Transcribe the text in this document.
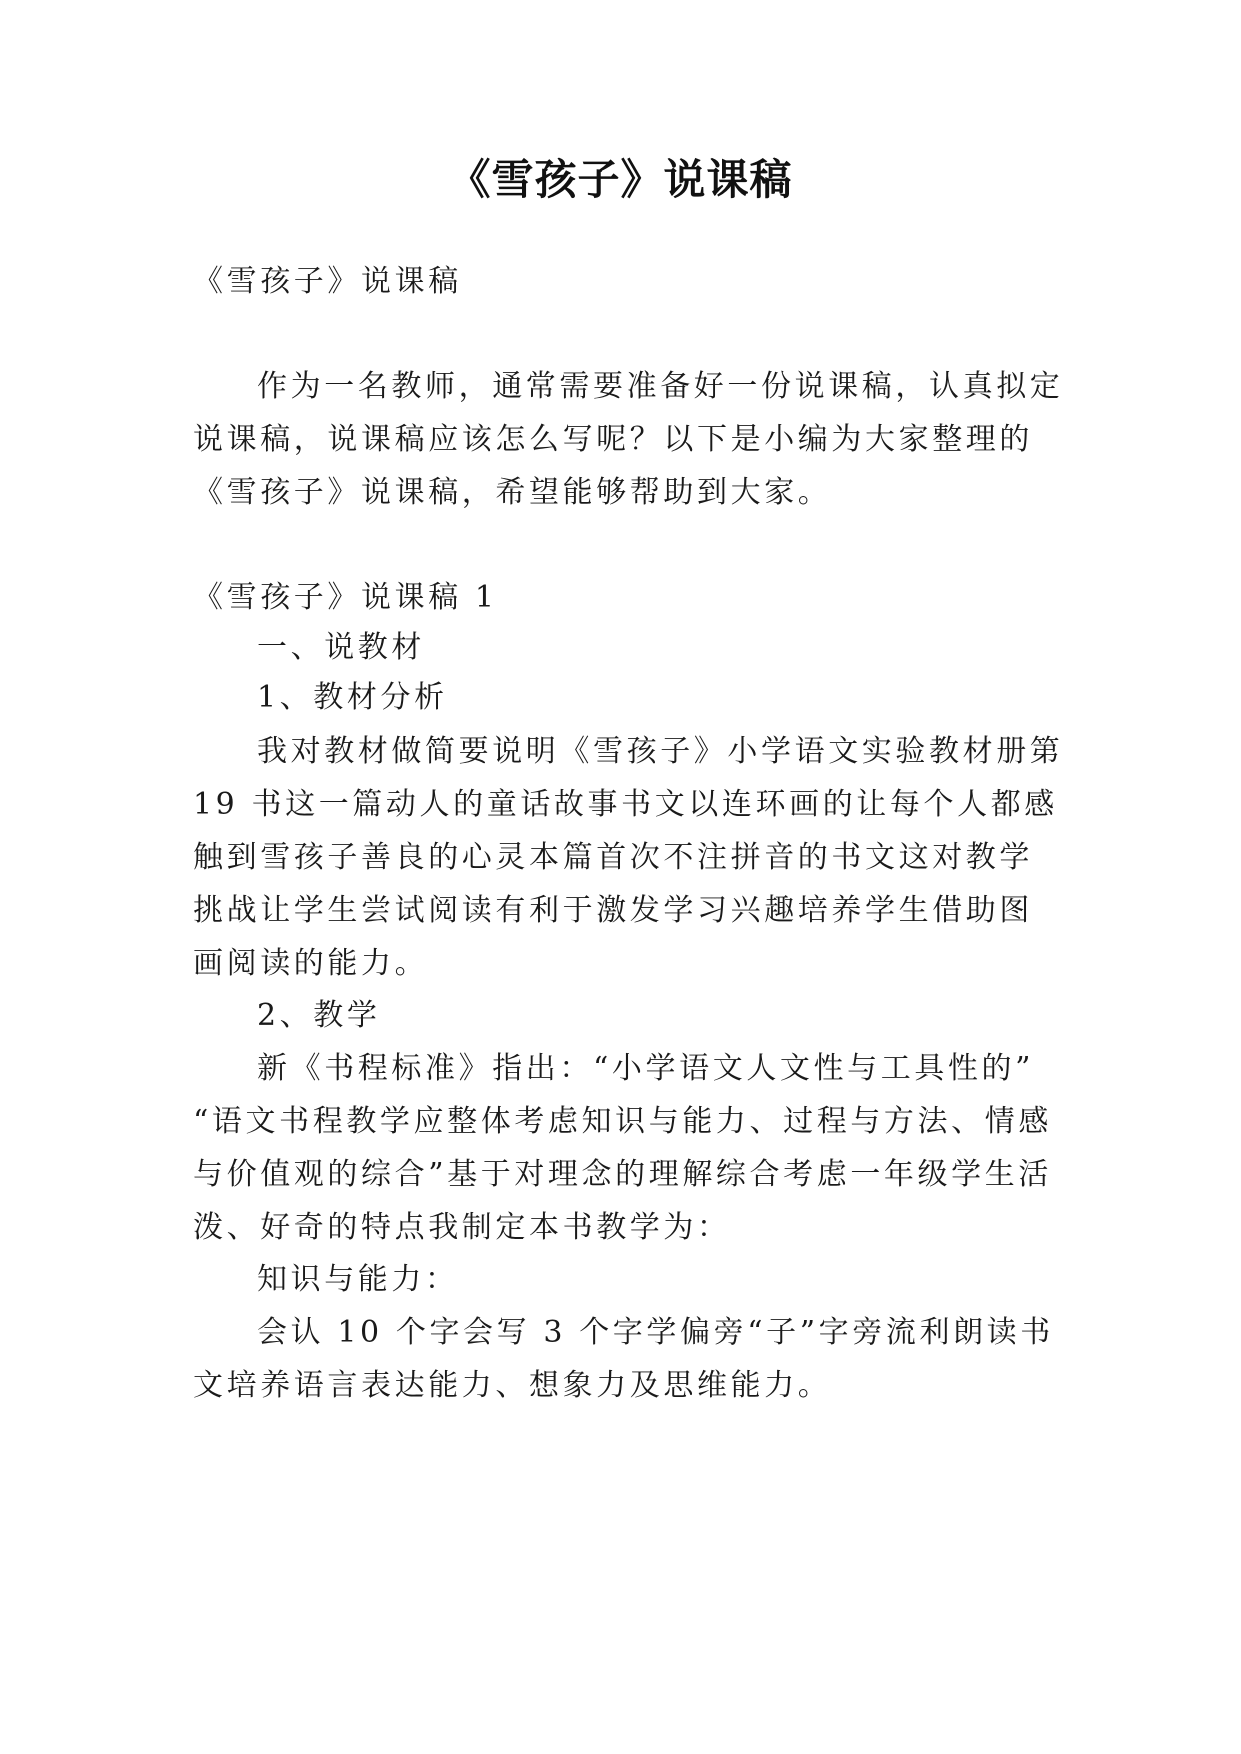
《雪孩子》说课稿
《雪孩子》说课稿
作为一名教师，通常需要准备好一份说课稿，认真拟定
说课稿，说课稿应该怎么写呢？以下是小编为大家整理的
《雪孩子》说课稿，希望能够帮助到大家。
《雪孩子》说课稿 1
一、说教材
1、教材分析
我对教材做简要说明《雪孩子》小学语文实验教材册第
19 书这一篇动人的童话故事书文以连环画的让每个人都感
触到雪孩子善良的心灵本篇首次不注拼音的书文这对教学
挑战让学生尝试阅读有利于激发学习兴趣培养学生借助图
画阅读的能力。
2、教学
新《书程标准》指出：“小学语文人文性与工具性的”
“语文书程教学应整体考虑知识与能力、过程与方法、情感
与价值观的综合”基于对理念的理解综合考虑一年级学生活
泼、好奇的特点我制定本书教学为：
知识与能力：
会认 10 个字会写 3 个字学偏旁“子”字旁流利朗读书
文培养语言表达能力、想象力及思维能力。
